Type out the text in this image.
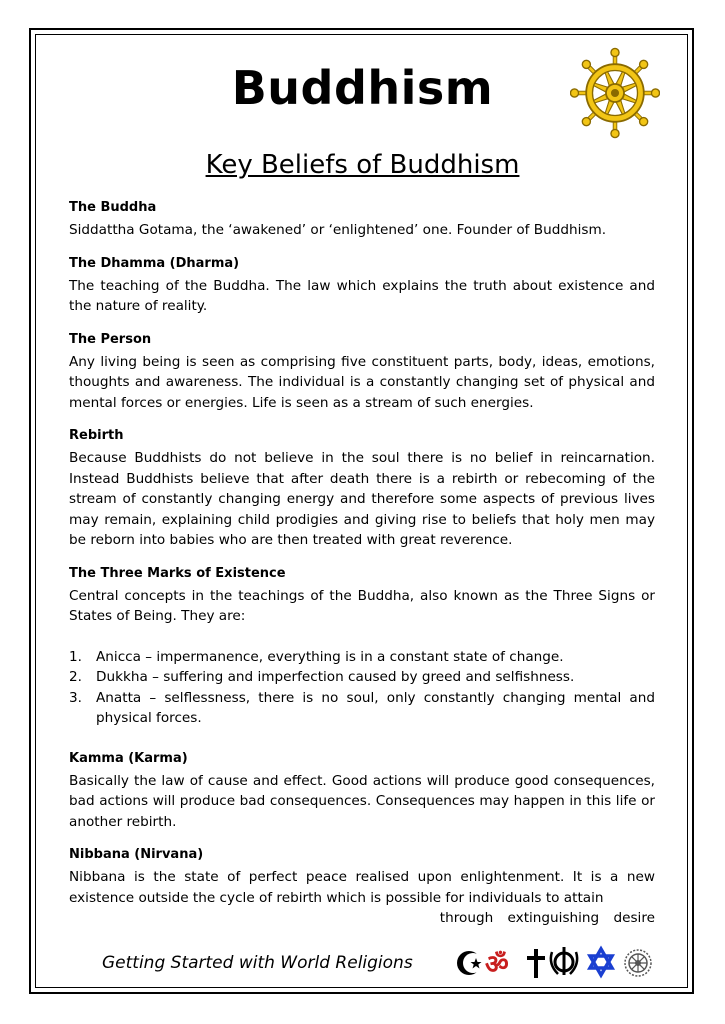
Buddhism
Key Beliefs of Buddhism
The Buddha

Siddattha Gotama, the ‘awakened’ or ‘enlightened’ one. Founder of Buddhism.

The Dhamma (Dharma)

The teaching of the Buddha. The law which explains the truth about existence and the nature of reality.

The Person

Any living being is seen as comprising five constituent parts, body, ideas, emotions, thoughts and awareness. The individual is a constantly changing set of physical and mental forces or energies. Life is seen as a stream of such energies.

Rebirth

Because Buddhists do not believe in the soul there is no belief in reincarnation. Instead Buddhists believe that after death there is a rebirth or rebecoming of the stream of constantly changing energy and therefore some aspects of previous lives may remain, explaining child prodigies and giving rise to beliefs that holy men may be reborn into babies who are then treated with great reverence.

The Three Marks of Existence

Central concepts in the teachings of the Buddha, also known as the Three Signs or States of Being. They are:

1. Anicca – impermanence, everything is in a constant state of change.
2. Dukkha – suffering and imperfection caused by greed and selfishness.
3. Anatta – selflessness, there is no soul, only constantly changing mental and physical forces.
Kamma (Karma)

Basically the law of cause and effect. Good actions will produce good consequences, bad actions will produce bad consequences. Consequences may happen in this life or another rebirth.

Nibbana (Nirvana)

Nibbana is the state of perfect peace realised upon enlightenment. It is a new existence outside the cycle of rebirth which is possible for individuals to attain

through extinguishing desire
Getting Started with World Religions	ॐ
